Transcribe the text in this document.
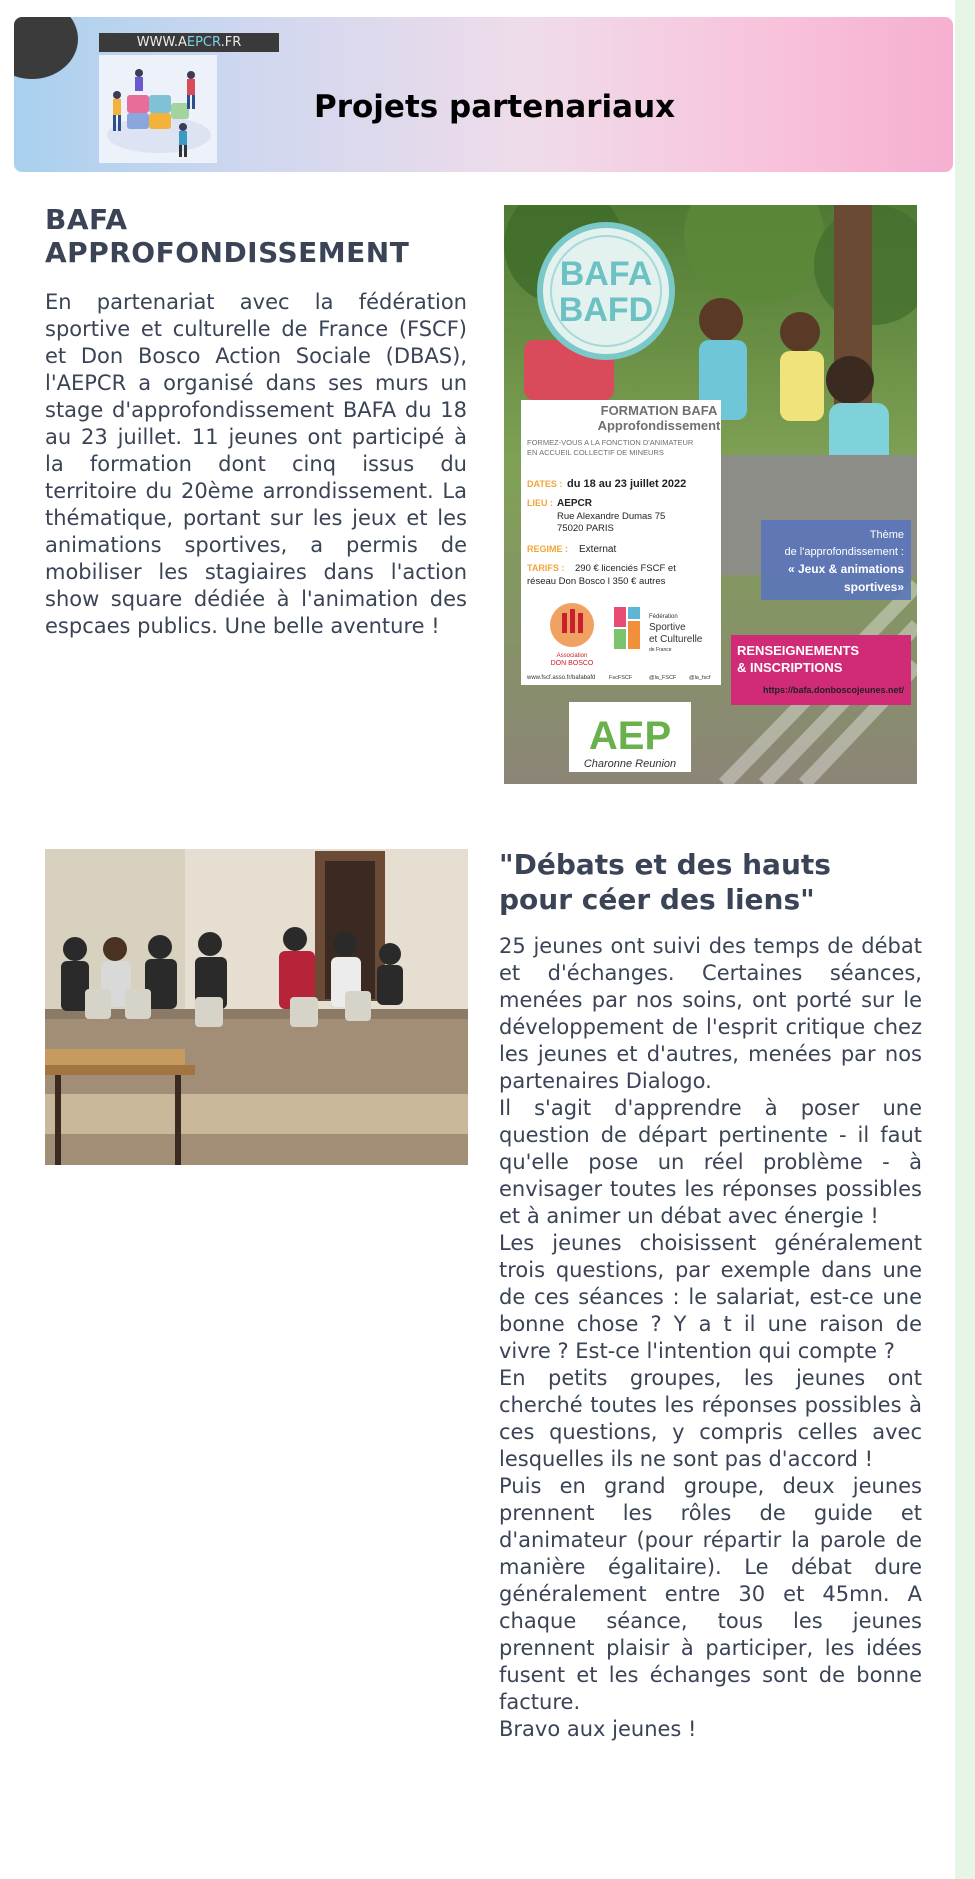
WWW.AEPCR.FR
Projets partenariaux
BAFA
APPROFONDISSEMENT

En partenariat avec la fédération sportive et culturelle de France (FSCF) et Don Bosco Action Sociale (DBAS), l'AEPCR a organisé dans ses murs un stage d'approfondissement BAFA du 18 au 23 juillet. 11 jeunes ont participé à la formation dont cinq issus du territoire du 20ème arrondissement. La thématique, portant sur les jeux et les animations sportives, a permis de mobiliser les stagiaires dans l'action show square dédiée à l'animation des espcaes publics. Une belle aventure !

BAFA
BAFD
FORMATION BAFA
Approfondissement
FORMEZ-VOUS A LA FONCTION D'ANIMATEUR
EN ACCUEIL COLLECTIF DE MINEURS
DATES : du 18 au 23 juillet 2022
LIEU : AEPCR
Rue Alexandre Dumas 75
75020 PARIS
REGIME : Externat
TARIFS : 290 € licenciés FSCF et
réseau Don Bosco l 350 € autres
Association
DON BOSCO
Fédération
Sportive
et Culturelle
de France
www.fscf.asso.fr/bafabafd FscFSCF	@la_FSCF @la_fscf
Thème
de l'approfondissement :
« Jeux & animations
sportives»
RENSEIGNEMENTS
& INSCRIPTIONS
https://bafa.donboscojeunes.net/
AEP
Charonne Reunion
"Débats et des hauts
pour céer des liens"

25 jeunes ont suivi des temps de débat et d'échanges. Certaines séances, menées par nos soins, ont porté sur le développement de l'esprit critique chez les jeunes et d'autres, menées par nos partenaires Dialogo.

Il s'agit d'apprendre à poser une question de départ pertinente - il faut qu'elle pose un réel problème - à envisager toutes les réponses possibles et à animer un débat avec énergie !

Les jeunes choisissent généralement trois questions, par exemple dans une de ces séances : le salariat, est-ce une bonne chose ? Y a t il une raison de vivre ? Est-ce l'intention qui compte ?

En petits groupes, les jeunes ont cherché toutes les réponses possibles à ces questions, y compris celles avec lesquelles ils ne sont pas d'accord !

Puis en grand groupe, deux jeunes prennent les rôles de guide et d'animateur (pour répartir la parole de manière égalitaire). Le débat dure généralement entre 30 et 45mn. A chaque séance, tous les jeunes prennent plaisir à participer, les idées fusent et les échanges sont de bonne facture.

Bravo aux jeunes !
